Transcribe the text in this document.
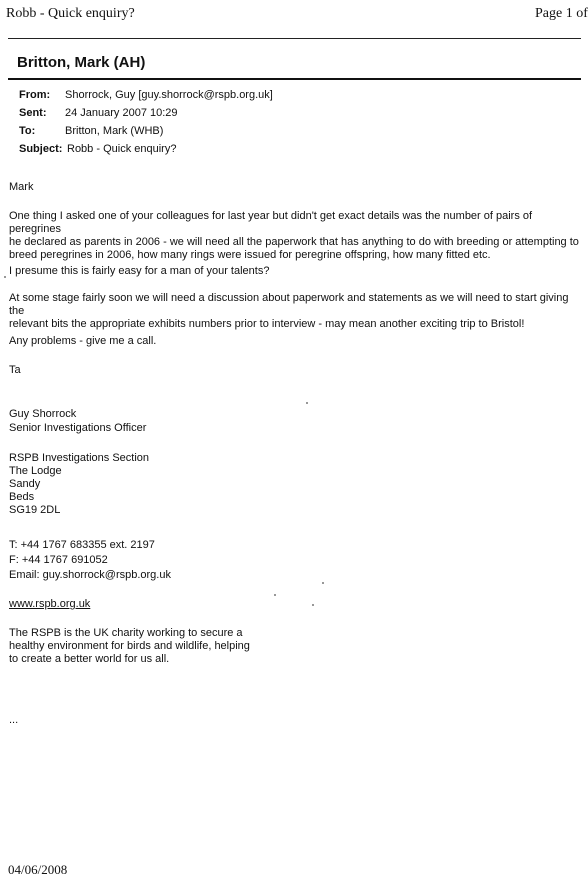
Robb - Quick enquiry?	Page 1 of
Britton, Mark (AH)
From:	Shorrock, Guy [guy.shorrock@rspb.org.uk]
Sent:	24 January 2007 10:29
To:	Britton, Mark (WHB)
Subject: Robb - Quick enquiry?
Mark
One thing I asked one of your colleagues for last year but didn't get exact details was the number of pairs of peregrines
he declared as parents in 2006 - we will need all the paperwork that has anything to do with breeding or attempting to
breed peregrines in 2006, how many rings were issued for peregrine offspring, how many fitted etc.
I presume this is fairly easy for a man of your talents?
At some stage fairly soon we will need a discussion about paperwork and statements as we will need to start giving the
relevant bits the appropriate exhibits numbers prior to interview - may mean another exciting trip to Bristol!
Any problems - give me a call.
Ta
Guy Shorrock
Senior Investigations Officer
RSPB Investigations Section
The Lodge
Sandy
Beds
SG19 2DL
T: +44 1767 683355 ext. 2197
F: +44 1767 691052
Email: guy.shorrock@rspb.org.uk
www.rspb.org.uk
The RSPB is the UK charity working to secure a
healthy environment for birds and wildlife, helping
to create a better world for us all.
...
04/06/2008
